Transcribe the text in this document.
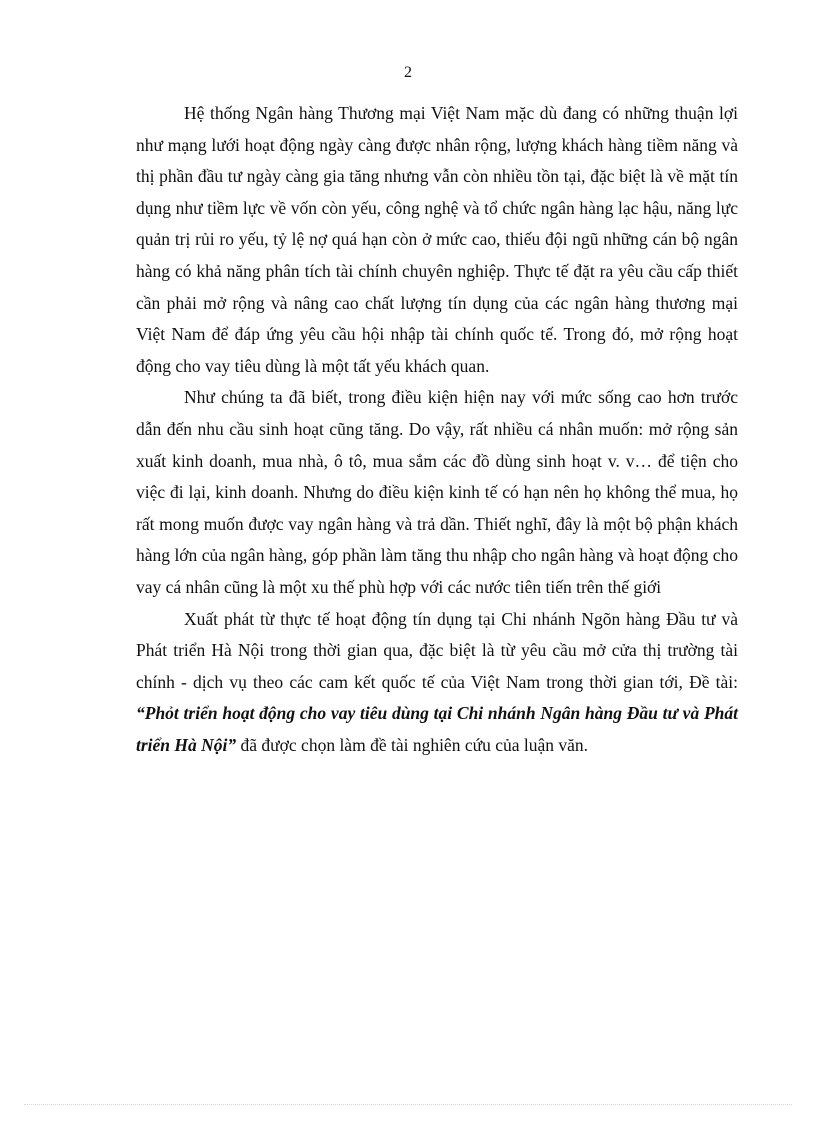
2

Hệ thống Ngân hàng Thương mại Việt Nam mặc dù đang có những thuận lợi như mạng lưới hoạt động ngày càng được nhân rộng, lượng khách hàng tiềm năng và thị phần đầu tư ngày càng gia tăng nhưng vẫn còn nhiều tồn tại, đặc biệt là về mặt tín dụng như tiềm lực về vốn còn yếu, công nghệ và tổ chức ngân hàng lạc hậu, năng lực quản trị rủi ro yếu, tỷ lệ nợ quá hạn còn ở mức cao, thiếu đội ngũ những cán bộ ngân hàng có khả năng phân tích tài chính chuyên nghiệp. Thực tế đặt ra yêu cầu cấp thiết cần phải mở rộng và nâng cao chất lượng tín dụng của các ngân hàng thương mại Việt Nam để đáp ứng yêu cầu hội nhập tài chính quốc tế. Trong đó, mở rộng hoạt động cho vay tiêu dùng là một tất yếu khách quan.

Như chúng ta đã biết, trong điều kiện hiện nay với mức sống cao hơn trước dẫn đến nhu cầu sinh hoạt cũng tăng. Do vậy, rất nhiều cá nhân muốn: mở rộng sản xuất kinh doanh, mua nhà, ô tô, mua sắm các đồ dùng sinh hoạt v. v… để tiện cho việc đi lại, kinh doanh. Nhưng do điều kiện kinh tế có hạn nên họ không thể mua, họ rất mong muốn được vay ngân hàng và trả dần. Thiết nghĩ, đây là một bộ phận khách hàng lớn của ngân hàng, góp phần làm tăng thu nhập cho ngân hàng và hoạt động cho vay cá nhân cũng là một xu thế phù hợp với các nước tiên tiến trên thế giới

Xuất phát từ thực tế hoạt động tín dụng tại Chi nhánh Ngõn hàng Đầu tư và Phát triển Hà Nội trong thời gian qua, đặc biệt là từ yêu cầu mở cửa thị trường tài chính - dịch vụ theo các cam kết quốc tế của Việt Nam trong thời gian tới, Đề tài: “Phỏt triển hoạt động cho vay tiêu dùng tại Chi nhánh Ngân hàng Đầu tư và Phát triển Hà Nội” đã được chọn làm đề tài nghiên cứu của luận văn.
